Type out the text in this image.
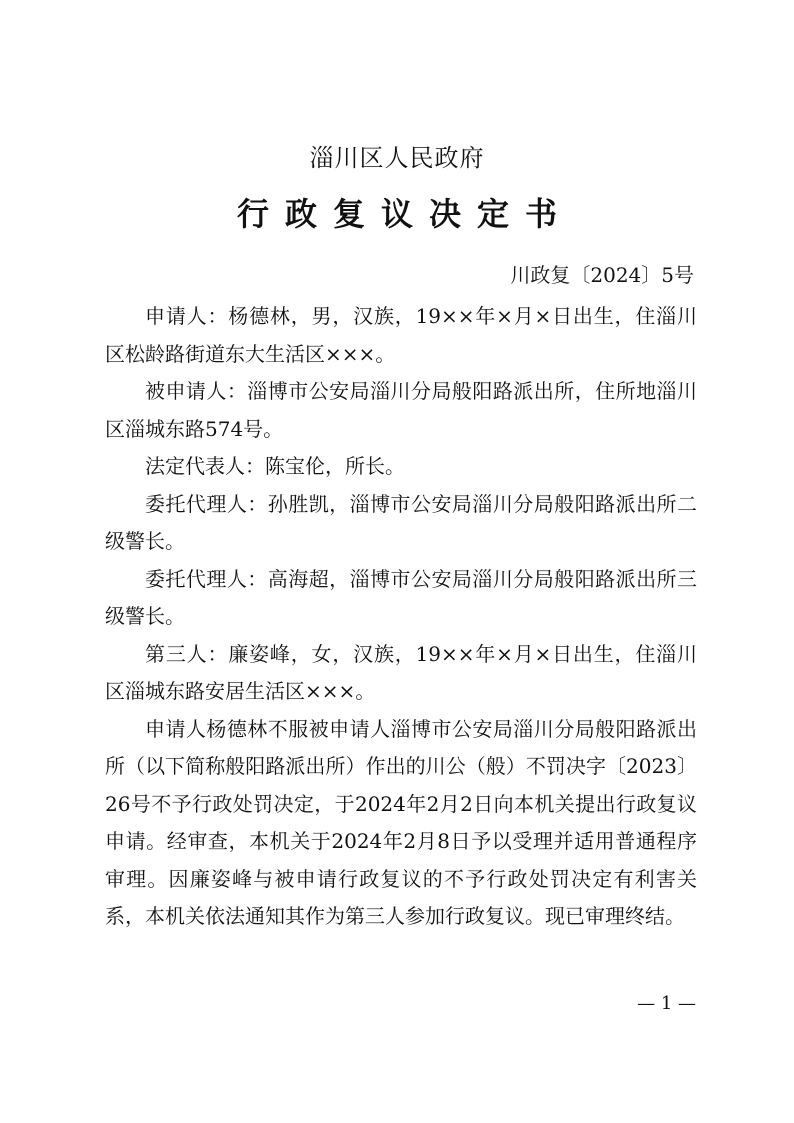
淄川区人民政府
行政复议决定书
川政复〔2024〕5号

申请人：杨德林，男，汉族，19××年×月×日出生，住淄川区松龄路街道东大生活区×××。

被申请人：淄博市公安局淄川分局般阳路派出所，住所地淄川区淄城东路574号。

法定代表人：陈宝伦，所长。

委托代理人：孙胜凯，淄博市公安局淄川分局般阳路派出所二级警长。

委托代理人：高海超，淄博市公安局淄川分局般阳路派出所三级警长。

第三人：廉姿峰，女，汉族，19××年×月×日出生，住淄川区淄城东路安居生活区×××。

申请人杨德林不服被申请人淄博市公安局淄川分局般阳路派出所（以下简称般阳路派出所）作出的川公（般）不罚决字〔2023〕26号不予行政处罚决定，于2024年2月2日向本机关提出行政复议申请。经审查，本机关于2024年2月8日予以受理并适用普通程序审理。因廉姿峰与被申请行政复议的不予行政处罚决定有利害关系，本机关依法通知其作为第三人参加行政复议。现已审理终结。

— 1 —
